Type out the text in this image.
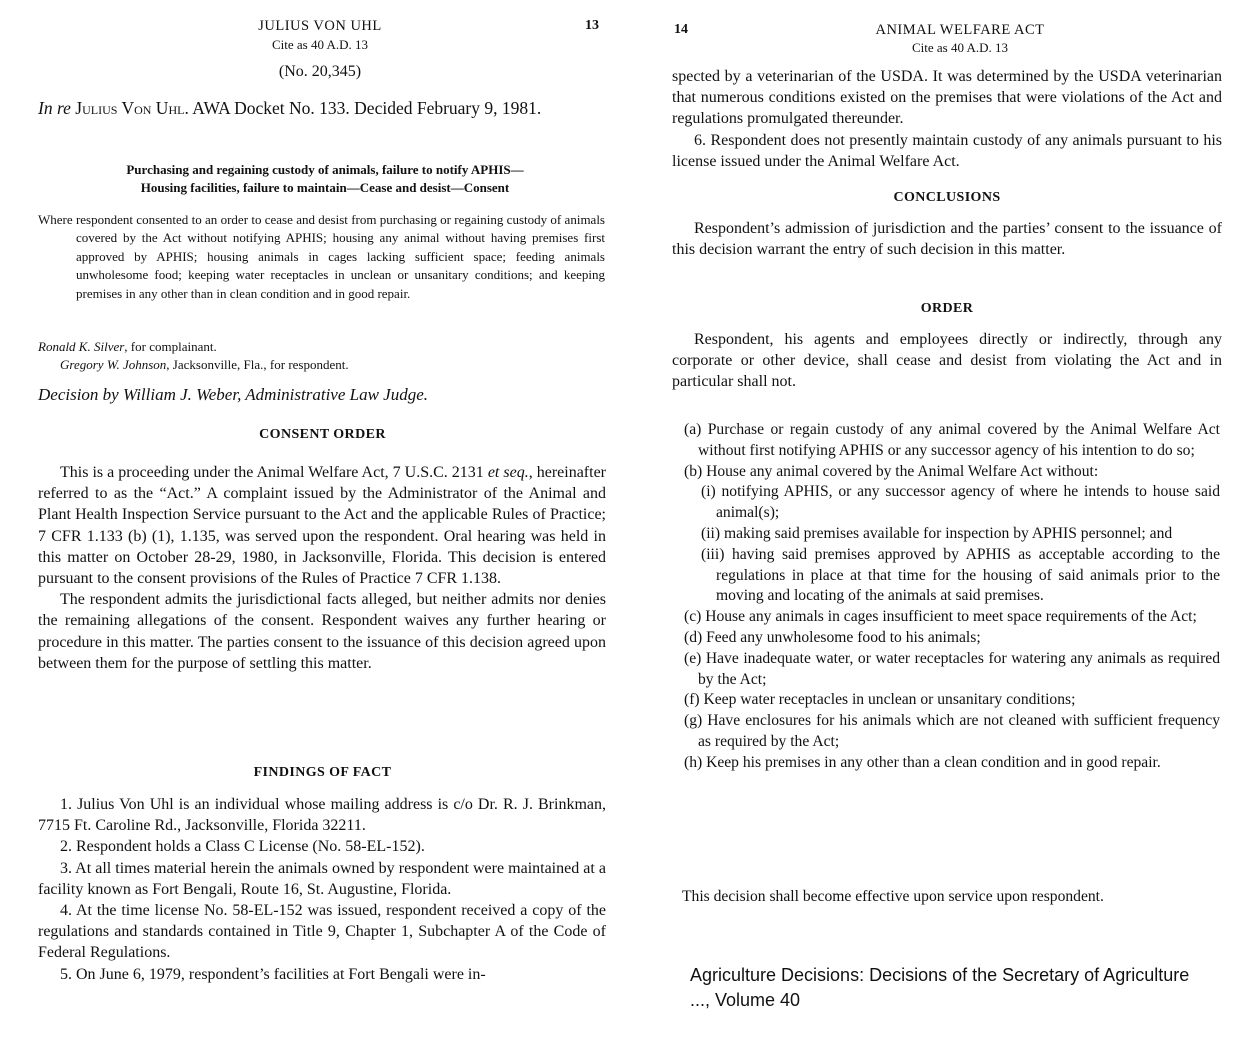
JULIUS VON UHL
Cite as 40 A.D. 13
13
(No. 20,345)
In re Julius Von Uhl. AWA Docket No. 133. Decided February 9, 1981.
Purchasing and regaining custody of animals, failure to notify APHIS—
Housing facilities, failure to maintain—Cease and desist—Consent
Where respondent consented to an order to cease and desist from purchasing or regaining custody of animals covered by the Act without notifying APHIS; housing any animal without having premises first approved by APHIS; housing animals in cages lacking sufficient space; feeding animals unwholesome food; keeping water receptacles in unclean or unsanitary conditions; and keeping premises in any other than in clean condition and in good repair.
Ronald K. Silver, for complainant.
Gregory W. Johnson, Jacksonville, Fla., for respondent.
Decision by William J. Weber, Administrative Law Judge.
CONSENT ORDER

This is a proceeding under the Animal Welfare Act, 7 U.S.C. 2131 et seq., hereinafter referred to as the “Act.” A complaint issued by the Administrator of the Animal and Plant Health Inspection Service pursuant to the Act and the applicable Rules of Practice; 7 CFR 1.133 (b) (1), 1.135, was served upon the respondent. Oral hearing was held in this matter on October 28-29, 1980, in Jacksonville, Florida. This decision is entered pursuant to the consent provisions of the Rules of Practice 7 CFR 1.138.

The respondent admits the jurisdictional facts alleged, but neither admits nor denies the remaining allegations of the consent. Respondent waives any further hearing or procedure in this matter. The parties consent to the issuance of this decision agreed upon between them for the purpose of settling this matter.

FINDINGS OF FACT

1. Julius Von Uhl is an individual whose mailing address is c/o Dr. R. J. Brinkman, 7715 Ft. Caroline Rd., Jacksonville, Florida 32211.

2. Respondent holds a Class C License (No. 58-EL-152).

3. At all times material herein the animals owned by respondent were maintained at a facility known as Fort Bengali, Route 16, St. Augustine, Florida.

4. At the time license No. 58-EL-152 was issued, respondent received a copy of the regulations and standards contained in Title 9, Chapter 1, Subchapter A of the Code of Federal Regulations.

5. On June 6, 1979, respondent’s facilities at Fort Bengali were in-

14	ANIMAL WELFARE ACT
Cite as 40 A.D. 13

spected by a veterinarian of the USDA. It was determined by the USDA veterinarian that numerous conditions existed on the premises that were violations of the Act and regulations promulgated thereunder.

6. Respondent does not presently maintain custody of any animals pursuant to his license issued under the Animal Welfare Act.

CONCLUSIONS

Respondent’s admission of jurisdiction and the parties’ consent to the issuance of this decision warrant the entry of such decision in this matter.

ORDER

Respondent, his agents and employees directly or indirectly, through any corporate or other device, shall cease and desist from violating the Act and in particular shall not.

(a) Purchase or regain custody of any animal covered by the Animal Welfare Act without first notifying APHIS or any successor agency of his intention to do so;

(b) House any animal covered by the Animal Welfare Act without:

(i) notifying APHIS, or any successor agency of where he intends to house said animal(s);

(ii) making said premises available for inspection by APHIS personnel; and

(iii) having said premises approved by APHIS as acceptable according to the regulations in place at that time for the housing of said animals prior to the moving and locating of the animals at said premises.

(c) House any animals in cages insufficient to meet space requirements of the Act;

(d) Feed any unwholesome food to his animals;

(e) Have inadequate water, or water receptacles for watering any animals as required by the Act;

(f) Keep water receptacles in unclean or unsanitary conditions;

(g) Have enclosures for his animals which are not cleaned with sufficient frequency as required by the Act;

(h) Keep his premises in any other than a clean condition and in good repair.

This decision shall become effective upon service upon respondent.
Agriculture Decisions: Decisions of the Secretary of Agriculture ..., Volume 40
